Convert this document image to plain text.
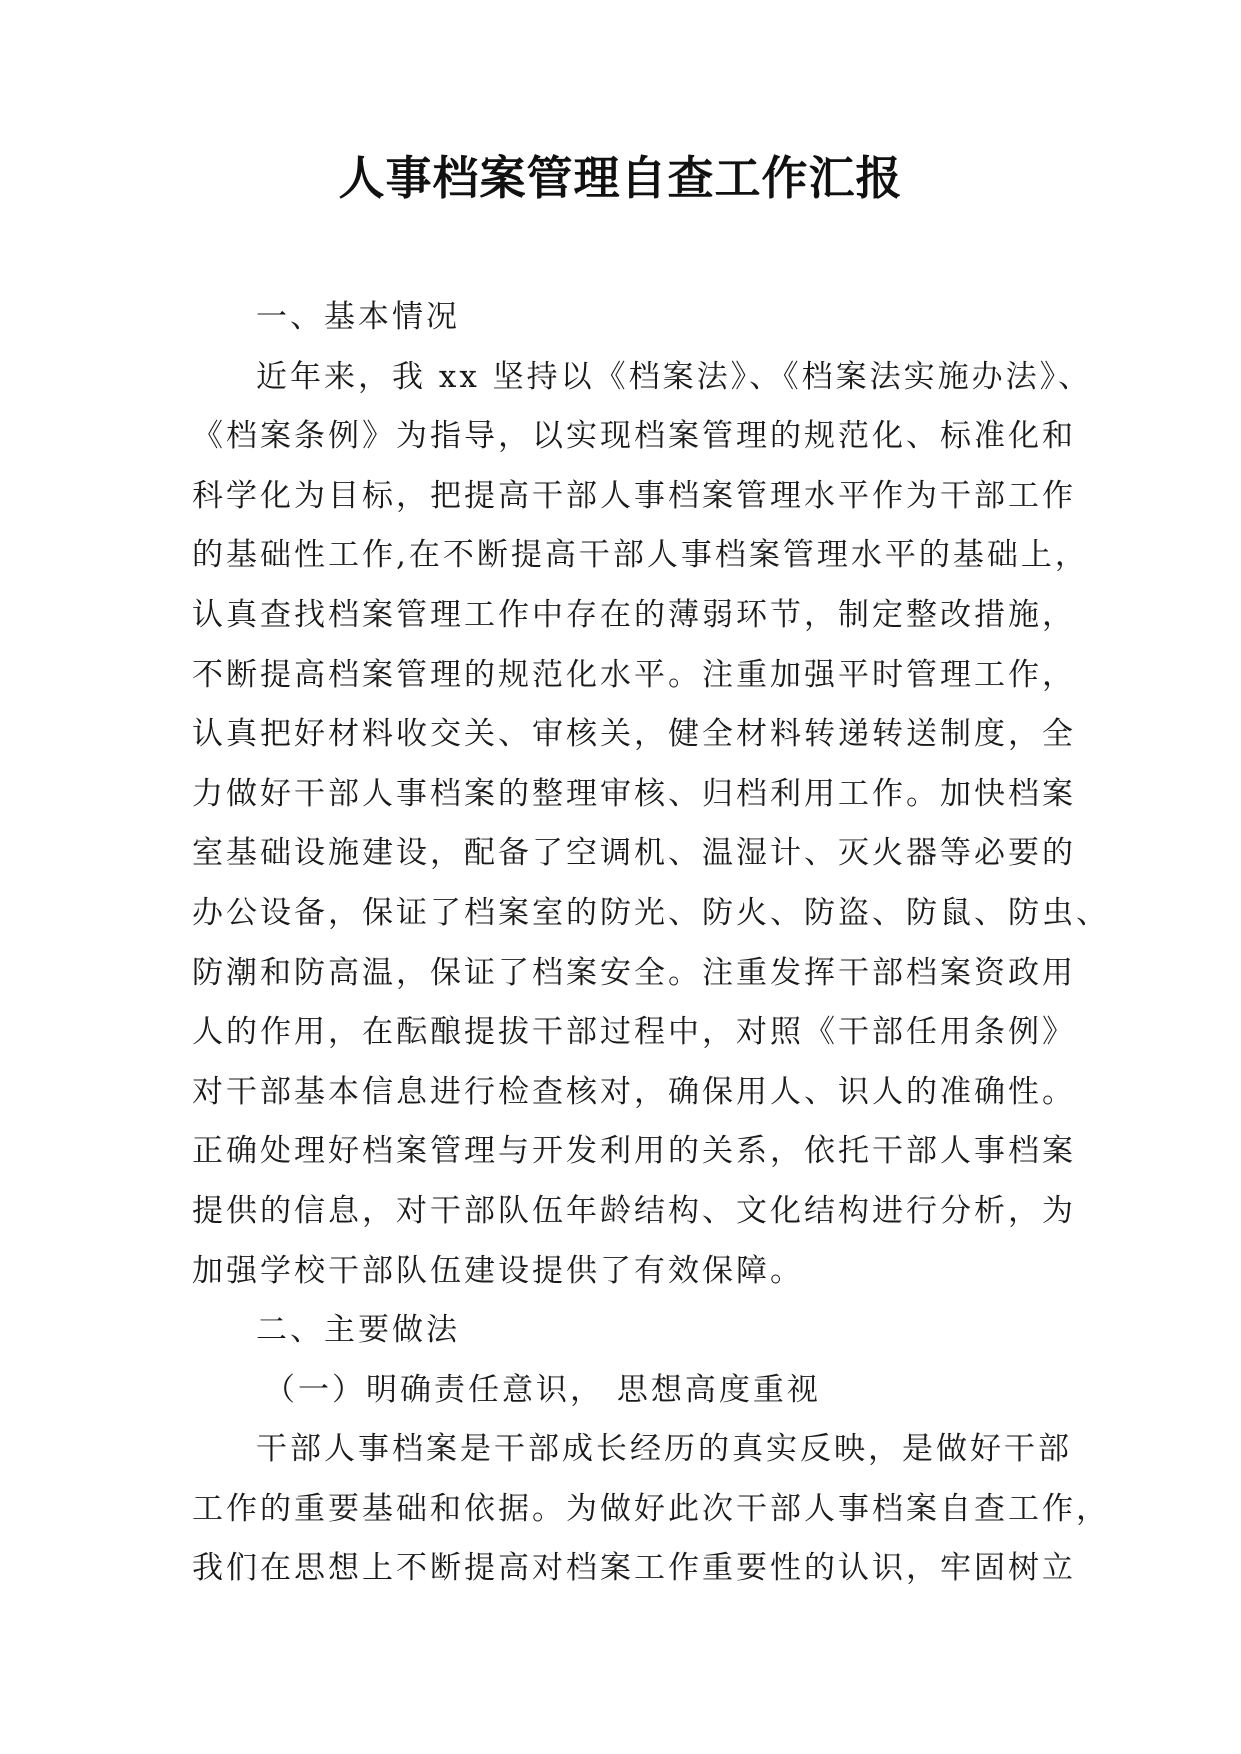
人事档案管理自查工作汇报
一、基本情况
近年来，我 xx 坚持以《档案法》、《档案法实施办法》、
《档案条例》为指导，以实现档案管理的规范化、标准化和
科学化为目标，把提高干部人事档案管理水平作为干部工作
的基础性工作,在不断提高干部人事档案管理水平的基础上，
认真查找档案管理工作中存在的薄弱环节，制定整改措施，
不断提高档案管理的规范化水平。注重加强平时管理工作，
认真把好材料收交关、审核关，健全材料转递转送制度，全
力做好干部人事档案的整理审核、归档利用工作。加快档案
室基础设施建设，配备了空调机、温湿计、灭火器等必要的
办公设备，保证了档案室的防光、防火、防盗、防鼠、防虫、
防潮和防高温，保证了档案安全。注重发挥干部档案资政用
人的作用，在酝酿提拔干部过程中，对照《干部任用条例》
对干部基本信息进行检查核对，确保用人、识人的准确性。
正确处理好档案管理与开发利用的关系，依托干部人事档案
提供的信息，对干部队伍年龄结构、文化结构进行分析，为
加强学校干部队伍建设提供了有效保障。
二、主要做法
（一）明确责任意识， 思想高度重视
干部人事档案是干部成长经历的真实反映，是做好干部
工作的重要基础和依据。为做好此次干部人事档案自查工作，
我们在思想上不断提高对档案工作重要性的认识，牢固树立
